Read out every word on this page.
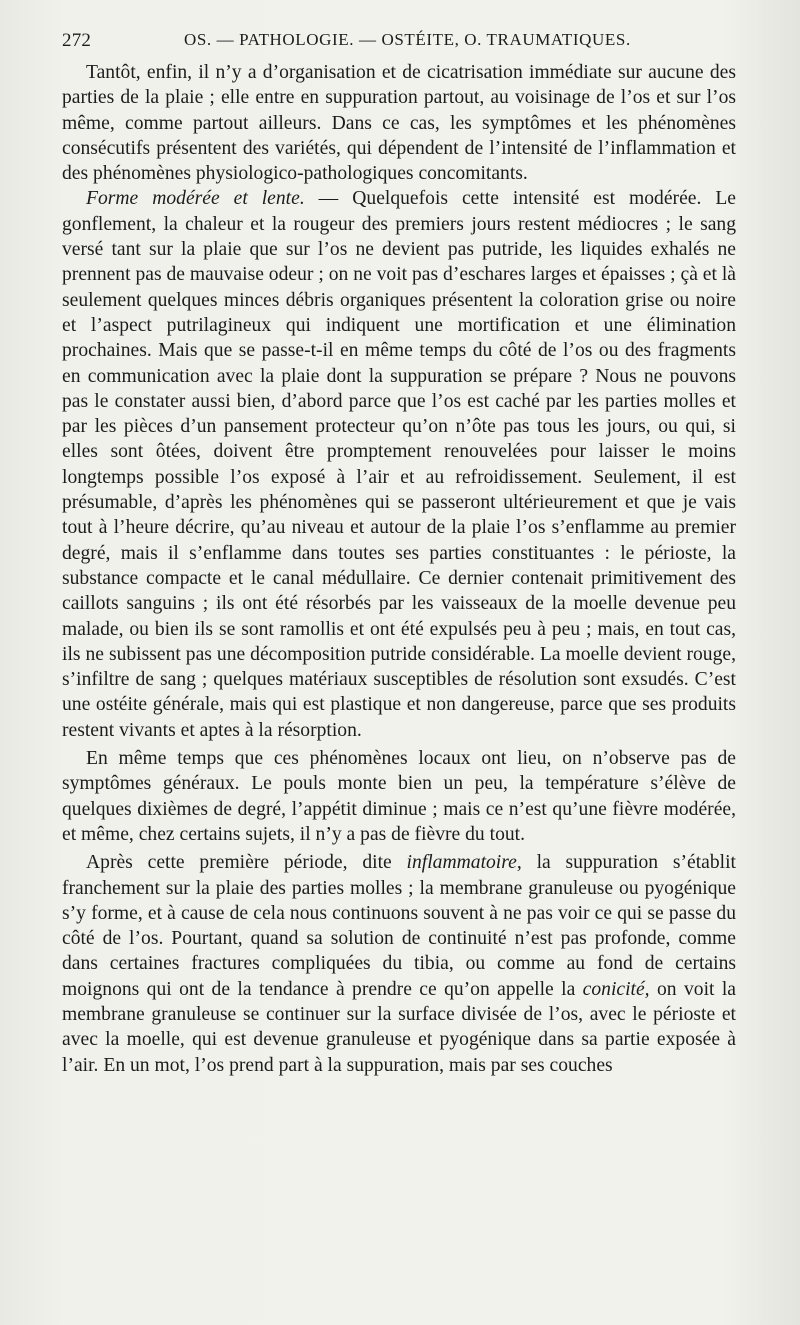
272	OS. — PATHOLOGIE. — OSTÉITE, O. TRAUMATIQUES.

Tantôt, enfin, il n’y a d’organisation et de cicatrisation immédiate sur aucune des parties de la plaie ; elle entre en suppuration partout, au voisinage de l’os et sur l’os même, comme partout ailleurs. Dans ce cas, les symptômes et les phénomènes consécutifs présentent des variétés, qui dépendent de l’intensité de l’inflammation et des phénomènes physiologico-pathologiques concomitants.

Forme modérée et lente. — Quelquefois cette intensité est modérée. Le gonflement, la chaleur et la rougeur des premiers jours restent médiocres ; le sang versé tant sur la plaie que sur l’os ne devient pas putride, les liquides exhalés ne prennent pas de mauvaise odeur ; on ne voit pas d’eschares larges et épaisses ; çà et là seulement quelques minces débris organiques présentent la coloration grise ou noire et l’aspect putrilagineux qui indiquent une mortification et une élimination prochaines. Mais que se passe-t-il en même temps du côté de l’os ou des fragments en communication avec la plaie dont la suppuration se prépare ? Nous ne pouvons pas le constater aussi bien, d’abord parce que l’os est caché par les parties molles et par les pièces d’un pansement protecteur qu’on n’ôte pas tous les jours, ou qui, si elles sont ôtées, doivent être promptement renouvelées pour laisser le moins longtemps possible l’os exposé à l’air et au refroidissement. Seulement, il est présumable, d’après les phénomènes qui se passeront ultérieurement et que je vais tout à l’heure décrire, qu’au niveau et autour de la plaie l’os s’enflamme au premier degré, mais il s’enflamme dans toutes ses parties constituantes : le périoste, la substance compacte et le canal médullaire. Ce dernier contenait primitivement des caillots sanguins ; ils ont été résorbés par les vaisseaux de la moelle devenue peu malade, ou bien ils se sont ramollis et ont été expulsés peu à peu ; mais, en tout cas, ils ne subissent pas une décomposition putride considérable. La moelle devient rouge, s’infiltre de sang ; quelques matériaux susceptibles de résolution sont exsudés. C’est une ostéite générale, mais qui est plastique et non dangereuse, parce que ses produits restent vivants et aptes à la résorption.

En même temps que ces phénomènes locaux ont lieu, on n’observe pas de symptômes généraux. Le pouls monte bien un peu, la température s’élève de quelques dixièmes de degré, l’appétit diminue ; mais ce n’est qu’une fièvre modérée, et même, chez certains sujets, il n’y a pas de fièvre du tout.

Après cette première période, dite inflammatoire, la suppuration s’établit franchement sur la plaie des parties molles ; la membrane granuleuse ou pyogénique s’y forme, et à cause de cela nous continuons souvent à ne pas voir ce qui se passe du côté de l’os. Pourtant, quand sa solution de continuité n’est pas profonde, comme dans certaines fractures compliquées du tibia, ou comme au fond de certains moignons qui ont de la tendance à prendre ce qu’on appelle la conicité, on voit la membrane granuleuse se continuer sur la surface divisée de l’os, avec le périoste et avec la moelle, qui est devenue granuleuse et pyogénique dans sa partie exposée à l’air. En un mot, l’os prend part à la suppuration, mais par ses couches
